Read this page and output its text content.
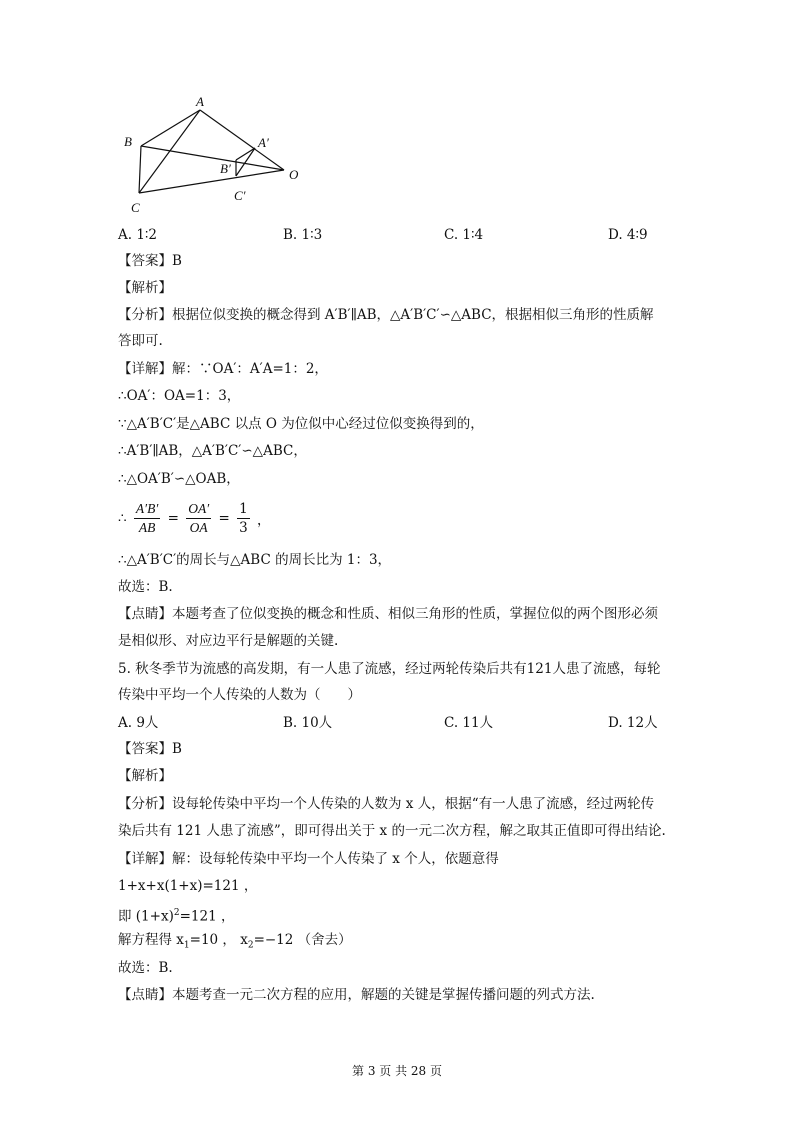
A
B
C
A′
B′
C′
O
A. 1∶2	B. 1∶3	C. 1∶4	D. 4∶9
【答案】B
【解析】
【分析】根据位似变换的概念得到 A′B′∥AB，△A′B′C′∽△ABC，根据相似三角形的性质解
答即可.
【详解】解：∵OA′：A′A=1：2，
∴OA′：OA=1：3，
∵△A′B′C′是△ABC 以点 O 为位似中心经过位似变换得到的，
∴A′B′∥AB，△A′B′C′∽△ABC，
∴△OA′B′∽△OAB，
∴ $\frac{A'B'}{AB} = \frac{OA'}{OA} = \frac{1}{3}$ ，
∴△A′B′C′的周长与△ABC 的周长比为 1：3，
故选：B.
【点睛】本题考查了位似变换的概念和性质、相似三角形的性质，掌握位似的两个图形必须
是相似形、对应边平行是解题的关键.
5. 秋冬季节为流感的高发期，有一人患了流感，经过两轮传染后共有121人患了流感，每轮
传染中平均一个人传染的人数为（　　）
A. 9人	B. 10人	C. 11人	D. 12人
【答案】B
【解析】
【分析】设每轮传染中平均一个人传染的人数为 x 人，根据“有一人患了流感，经过两轮传
染后共有 121 人患了流感”，即可得出关于 x 的一元二次方程，解之取其正值即可得出结论.
【详解】解：设每轮传染中平均一个人传染了 x 个人，依题意得
1+x+x(1+x)=121 ，
即 $(1+x)^2=121$ ，
解方程得 $x_1=10$ ， $x_2=-12$ （舍去）
故选：B.
【点睛】本题考查一元二次方程的应用，解题的关键是掌握传播问题的列式方法.
第 3 页 共 28 页
